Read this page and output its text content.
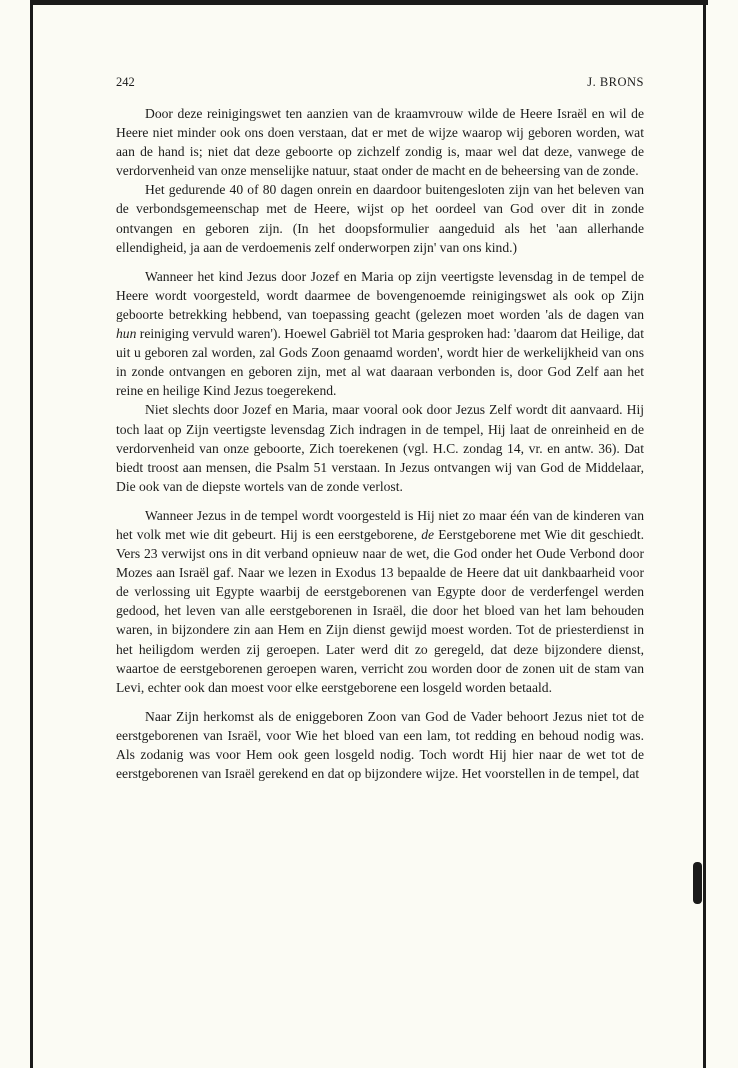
242	J. BRONS

Door deze reinigingswet ten aanzien van de kraamvrouw wilde de Heere Israël en wil de Heere niet minder ook ons doen verstaan, dat er met de wijze waarop wij geboren worden, wat aan de hand is; niet dat deze geboorte op zichzelf zondig is, maar wel dat deze, vanwege de verdorvenheid van onze menselijke natuur, staat onder de macht en de beheersing van de zonde.

Het gedurende 40 of 80 dagen onrein en daardoor buitengesloten zijn van het beleven van de verbondsgemeenschap met de Heere, wijst op het oordeel van God over dit in zonde ontvangen en geboren zijn. (In het doopsformulier aangeduid als het 'aan allerhande ellendigheid, ja aan de verdoemenis zelf onderworpen zijn' van ons kind.)

Wanneer het kind Jezus door Jozef en Maria op zijn veertigste levensdag in de tempel de Heere wordt voorgesteld, wordt daarmee de bovengenoemde reinigingswet als ook op Zijn geboorte betrekking hebbend, van toepassing geacht (gelezen moet worden 'als de dagen van hun reiniging vervuld waren'). Hoewel Gabriël tot Maria gesproken had: 'daarom dat Heilige, dat uit u geboren zal worden, zal Gods Zoon genaamd worden', wordt hier de werkelijkheid van ons in zonde ontvangen en geboren zijn, met al wat daaraan verbonden is, door God Zelf aan het reine en heilige Kind Jezus toegerekend.

Niet slechts door Jozef en Maria, maar vooral ook door Jezus Zelf wordt dit aanvaard. Hij toch laat op Zijn veertigste levensdag Zich indragen in de tempel, Hij laat de onreinheid en de verdorvenheid van onze geboorte, Zich toerekenen (vgl. H.C. zondag 14, vr. en antw. 36). Dat biedt troost aan mensen, die Psalm 51 verstaan. In Jezus ontvangen wij van God de Middelaar, Die ook van de diepste wortels van de zonde verlost.

Wanneer Jezus in de tempel wordt voorgesteld is Hij niet zo maar één van de kinderen van het volk met wie dit gebeurt. Hij is een eerstgeborene, de Eerstgeborene met Wie dit geschiedt. Vers 23 verwijst ons in dit verband opnieuw naar de wet, die God onder het Oude Verbond door Mozes aan Israël gaf. Naar we lezen in Exodus 13 bepaalde de Heere dat uit dankbaarheid voor de verlossing uit Egypte waarbij de eerstgeborenen van Egypte door de verderfengel werden gedood, het leven van alle eerstgeborenen in Israël, die door het bloed van het lam behouden waren, in bijzondere zin aan Hem en Zijn dienst gewijd moest worden. Tot de priesterdienst in het heiligdom werden zij geroepen. Later werd dit zo geregeld, dat deze bijzondere dienst, waartoe de eerstgeborenen geroepen waren, verricht zou worden door de zonen uit de stam van Levi, echter ook dan moest voor elke eerstgeborene een losgeld worden betaald.

Naar Zijn herkomst als de eniggeboren Zoon van God de Vader behoort Jezus niet tot de eerstgeborenen van Israël, voor Wie het bloed van een lam, tot redding en behoud nodig was. Als zodanig was voor Hem ook geen losgeld nodig. Toch wordt Hij hier naar de wet tot de eerstgeborenen van Israël gerekend en dat op bijzondere wijze. Het voorstellen in de tempel, dat
